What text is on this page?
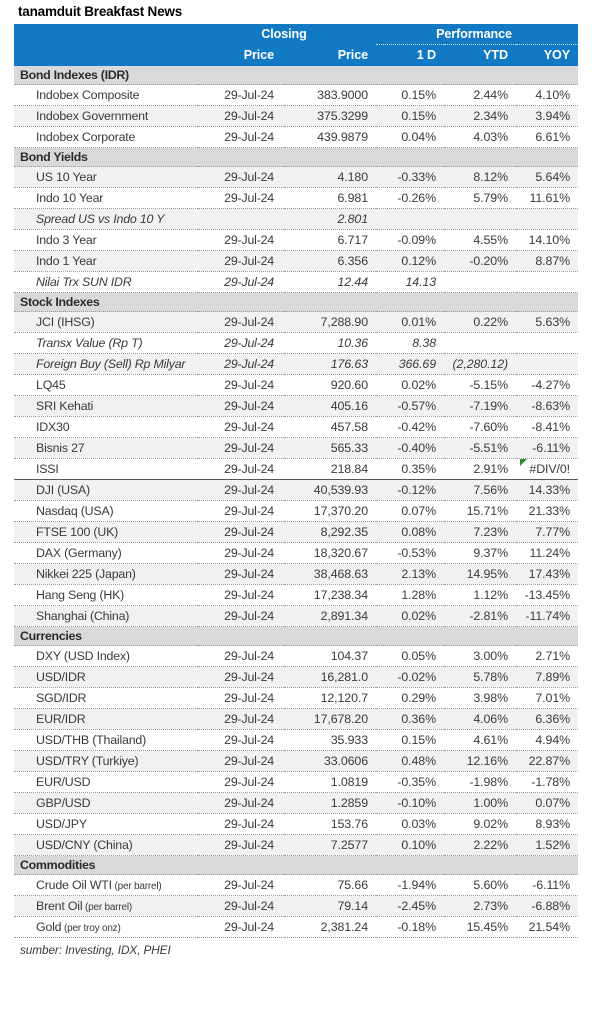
tanamduit Breakfast News
	Closing		Performance		
	Price	Price	1 D	YTD	YOY
Bond Indexes (IDR)					
Indobex Composite	29-Jul-24	383.9000	0.15%	2.44%	4.10%
Indobex Government	29-Jul-24	375.3299	0.15%	2.34%	3.94%
Indobex Corporate	29-Jul-24	439.9879	0.04%	4.03%	6.61%
Bond Yields					
US 10 Year	29-Jul-24	4.180	-0.33%	8.12%	5.64%
Indo 10 Year	29-Jul-24	6.981	-0.26%	5.79%	11.61%
Spread US vs Indo 10 Y		2.801			
Indo 3 Year	29-Jul-24	6.717	-0.09%	4.55%	14.10%
Indo 1 Year	29-Jul-24	6.356	0.12%	-0.20%	8.87%
Nilai Trx SUN IDR	29-Jul-24	12.44	14.13		
Stock Indexes					
JCI (IHSG)	29-Jul-24	7,288.90	0.01%	0.22%	5.63%
Transx Value (Rp T)	29-Jul-24	10.36	8.38		
Foreign Buy (Sell) Rp Milyar	29-Jul-24	176.63	366.69	(2,280.12)	
LQ45	29-Jul-24	920.60	0.02%	-5.15%	-4.27%
SRI Kehati	29-Jul-24	405.16	-0.57%	-7.19%	-8.63%
IDX30	29-Jul-24	457.58	-0.42%	-7.60%	-8.41%
Bisnis 27	29-Jul-24	565.33	-0.40%	-5.51%	-6.11%
ISSI	29-Jul-24	218.84	0.35%	2.91%	#DIV/0!
DJI (USA)	29-Jul-24	40,539.93	-0.12%	7.56%	14.33%
Nasdaq (USA)	29-Jul-24	17,370.20	0.07%	15.71%	21.33%
FTSE 100 (UK)	29-Jul-24	8,292.35	0.08%	7.23%	7.77%
DAX (Germany)	29-Jul-24	18,320.67	-0.53%	9.37%	11.24%
Nikkei 225 (Japan)	29-Jul-24	38,468.63	2.13%	14.95%	17.43%
Hang Seng (HK)	29-Jul-24	17,238.34	1.28%	1.12%	-13.45%
Shanghai (China)	29-Jul-24	2,891.34	0.02%	-2.81%	-11.74%
Currencies					
DXY (USD Index)	29-Jul-24	104.37	0.05%	3.00%	2.71%
USD/IDR	29-Jul-24	16,281.0	-0.02%	5.78%	7.89%
SGD/IDR	29-Jul-24	12,120.7	0.29%	3.98%	7.01%
EUR/IDR	29-Jul-24	17,678.20	0.36%	4.06%	6.36%
USD/THB (Thailand)	29-Jul-24	35.933	0.15%	4.61%	4.94%
USD/TRY (Turkiye)	29-Jul-24	33.0606	0.48%	12.16%	22.87%
EUR/USD	29-Jul-24	1.0819	-0.35%	-1.98%	-1.78%
GBP/USD	29-Jul-24	1.2859	-0.10%	1.00%	0.07%
USD/JPY	29-Jul-24	153.76	0.03%	9.02%	8.93%
USD/CNY (China)	29-Jul-24	7.2577	0.10%	2.22%	1.52%
Commodities					
Crude Oil WTI (per barrel)	29-Jul-24	75.66	-1.94%	5.60%	-6.11%
Brent Oil (per barrel)	29-Jul-24	79.14	-2.45%	2.73%	-6.88%
Gold (per troy onz)	29-Jul-24	2,381.24	-0.18%	15.45%	21.54%
sumber: Investing, IDX, PHEI
